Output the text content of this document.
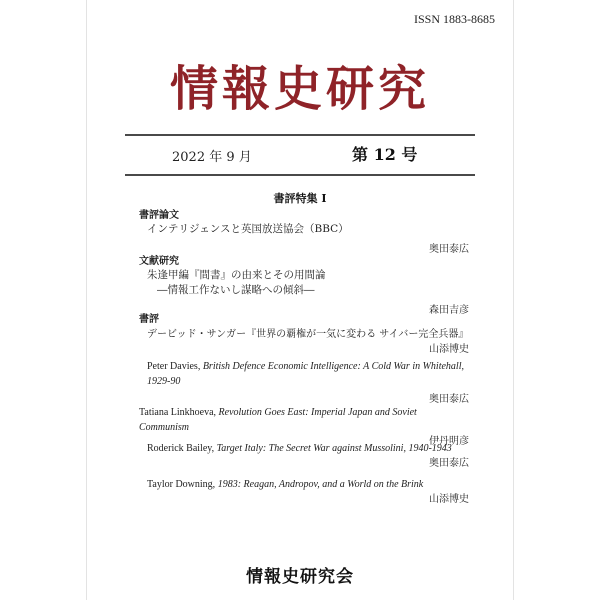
ISSN 1883-8685
情報史研究
2022 年 9 月	第 12 号
書評特集 I
書評論文
インテリジェンスと英国放送協会（BBC）
奥田泰広
文献研究
朱逢甲編『間書』の由来とその用間論
―情報工作ないし謀略への傾斜―
森田吉彦
書評
デービッド・サンガー『世界の覇権が一気に変わる サイバー完全兵器』
山添博史
Peter Davies, British Defence Economic Intelligence: A Cold War in Whitehall, 1929-90
奥田泰広
Tatiana Linkhoeva, Revolution Goes East: Imperial Japan and Soviet Communism
伊丹明彦
Roderick Bailey, Target Italy: The Secret War against Mussolini, 1940-1943
奥田泰広
Taylor Downing, 1983: Reagan, Andropov, and a World on the Brink
山添博史
情報史研究会
